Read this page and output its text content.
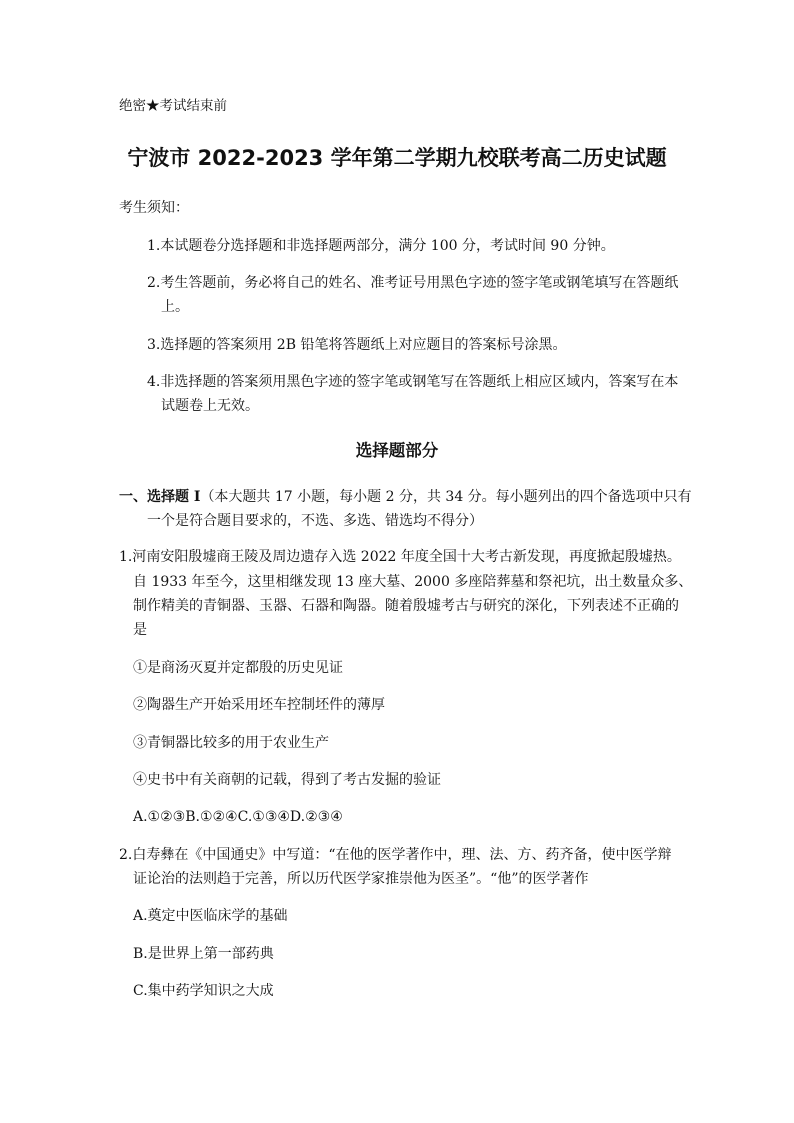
绝密★考试结束前
宁波市 2022-2023 学年第二学期九校联考高二历史试题
考生须知：
1.本试题卷分选择题和非选择题两部分，满分 100 分，考试时间 90 分钟。
2.考生答题前，务必将自己的姓名、准考证号用黑色字迹的签字笔或钢笔填写在答题纸
上。
3.选择题的答案须用 2B 铅笔将答题纸上对应题目的答案标号涂黑。
4.非选择题的答案须用黑色字迹的签字笔或钢笔写在答题纸上相应区域内，答案写在本
试题卷上无效。
选择题部分
一、选择题 Ⅰ（本大题共 17 小题，每小题 2 分，共 34 分。每小题列出的四个备选项中只有
一个是符合题目要求的，不选、多选、错选均不得分）
1.河南安阳殷墟商王陵及周边遗存入选 2022 年度全国十大考古新发现，再度掀起殷墟热。
自 1933 年至今，这里相继发现 13 座大墓、2000 多座陪葬墓和祭祀坑，出土数量众多、
制作精美的青铜器、玉器、石器和陶器。随着殷墟考古与研究的深化，下列表述不正确的
是
①是商汤灭夏并定都殷的历史见证
②陶器生产开始采用坯车控制坯件的薄厚
③青铜器比较多的用于农业生产
④史书中有关商朝的记载，得到了考古发掘的验证
A.①②③B.①②④C.①③④D.②③④
2.白寿彝在《中国通史》中写道：“在他的医学著作中，理、法、方、药齐备，使中医学辩
证论治的法则趋于完善，所以历代医学家推崇他为医圣”。“他”的医学著作
A.奠定中医临床学的基础
B.是世界上第一部药典
C.集中药学知识之大成
